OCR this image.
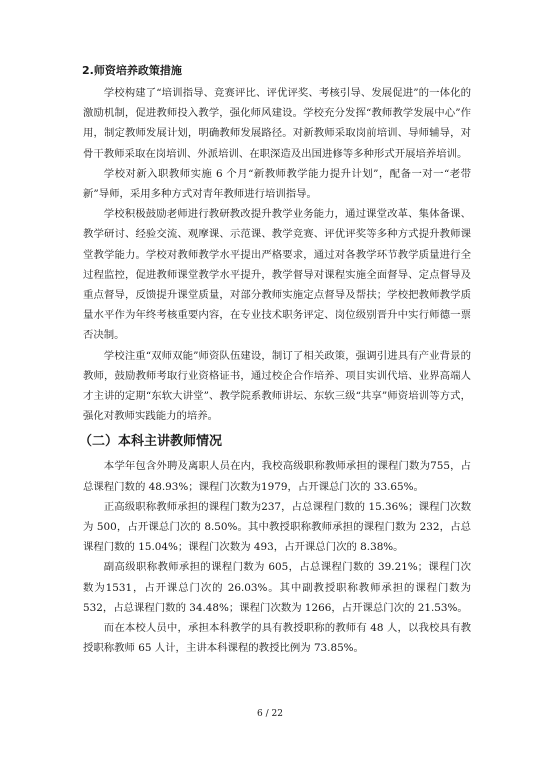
2.师资培养政策措施

学校构建了“培训指导、竞赛评比、评优评奖、考核引导、发展促进”的一体化的激励机制，促进教师投入教学，强化师风建设。学校充分发挥“教师教学发展中心”作用，制定教师发展计划，明确教师发展路径。对新教师采取岗前培训、导师辅导，对骨干教师采取在岗培训、外派培训、在职深造及出国进修等多种形式开展培养培训。

学校对新入职教师实施 6 个月“新教师教学能力提升计划”，配备一对一“老带新”导师，采用多种方式对青年教师进行培训指导。

学校积极鼓励老师进行教研教改提升教学业务能力，通过课堂改革、集体备课、教学研讨、经验交流、观摩课、示范课、教学竞赛、评优评奖等多种方式提升教师课堂教学能力。学校对教师教学水平提出严格要求，通过对各教学环节教学质量进行全过程监控，促进教师课堂教学水平提升，教学督导对课程实施全面督导、定点督导及重点督导，反馈提升课堂质量，对部分教师实施定点督导及帮扶；学校把教师教学质量水平作为年终考核重要内容，在专业技术职务评定、岗位级别晋升中实行师德一票否决制。

学校注重“双师双能”师资队伍建设，制订了相关政策，强调引进具有产业背景的教师，鼓励教师考取行业资格证书，通过校企合作培养、项目实训代培、业界高端人才主讲的定期“东软大讲堂”、教学院系教师讲坛、东软三级“共享”师资培训等方式，强化对教师实践能力的培养。

（二）本科主讲教师情况

本学年包含外聘及离职人员在内，我校高级职称教师承担的课程门数为755，占总课程门数的 48.93%；课程门次数为1979，占开课总门次的 33.65%。

正高级职称教师承担的课程门数为237，占总课程门数的 15.36%；课程门次数为 500，占开课总门次的 8.50%。其中教授职称教师承担的课程门数为 232，占总课程门数的 15.04%；课程门次数为 493，占开课总门次的 8.38%。

副高级职称教师承担的课程门数为 605，占总课程门数的 39.21%；课程门次数为1531，占开课总门次的 26.03%。其中副教授职称教师承担的课程门数为 532，占总课程门数的 34.48%；课程门次数为 1266，占开课总门次的 21.53%。

而在本校人员中，承担本科教学的具有教授职称的教师有 48 人，以我校具有教授职称教师 65 人计，主讲本科课程的教授比例为 73.85%。

6 / 22
